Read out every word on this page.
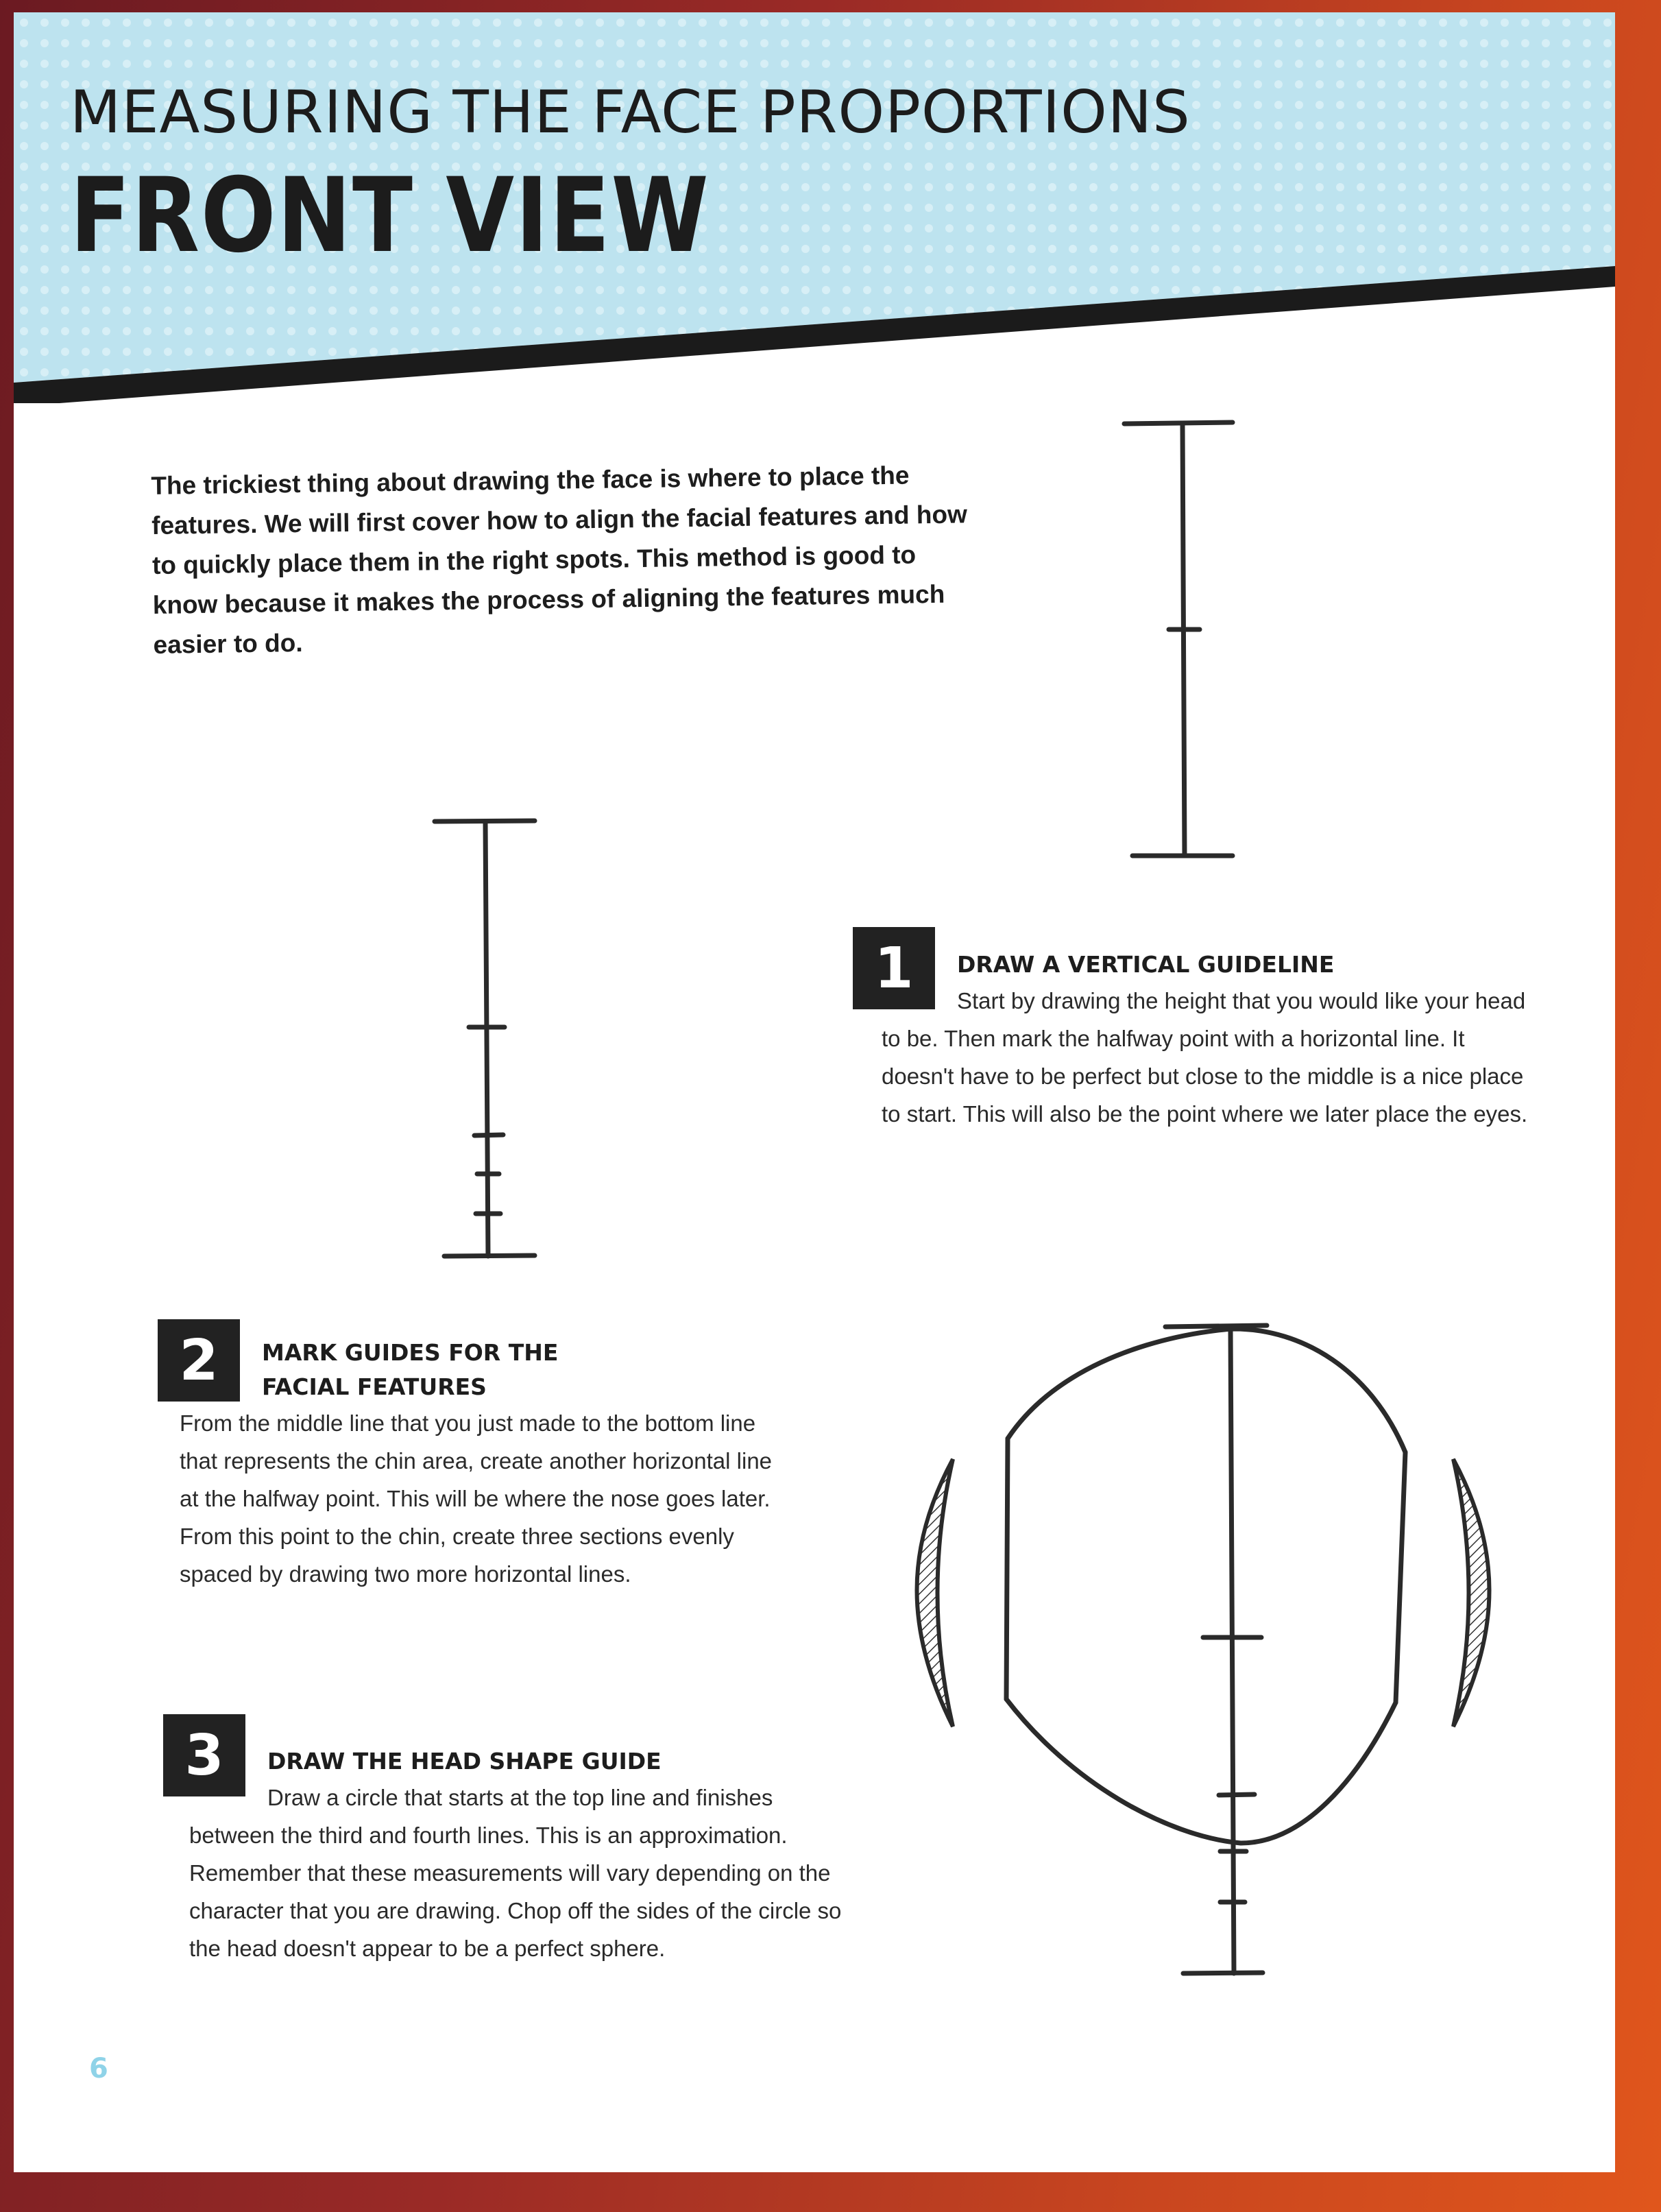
MEASURING THE FACE PROPORTIONS
FRONT VIEW

The trickiest thing about drawing the face is where to place the features. We will first cover how to align the facial features and how to quickly place them in the right spots. This method is good to know because it makes the process of aligning the features much easier to do.

1	DRAW A VERTICAL GUIDELINE

Start by drawing the height that you would like your head to be. Then mark the halfway point with a horizontal line. It doesn't have to be perfect but close to the middle is a nice place to start. This will also be the point where we later place the eyes.

2	MARK GUIDES FOR THE FACIAL FEATURES

From the middle line that you just made to the bottom line that represents the chin area, create another horizontal line at the halfway point. This will be where the nose goes later. From this point to the chin, create three sections evenly spaced by drawing two more horizontal lines.

3	DRAW THE HEAD SHAPE GUIDE

Draw a circle that starts at the top line and finishes between the third and fourth lines. This is an approximation. Remember that these measurements will vary depending on the character that you are drawing. Chop off the sides of the circle so the head doesn't appear to be a perfect sphere.

6
